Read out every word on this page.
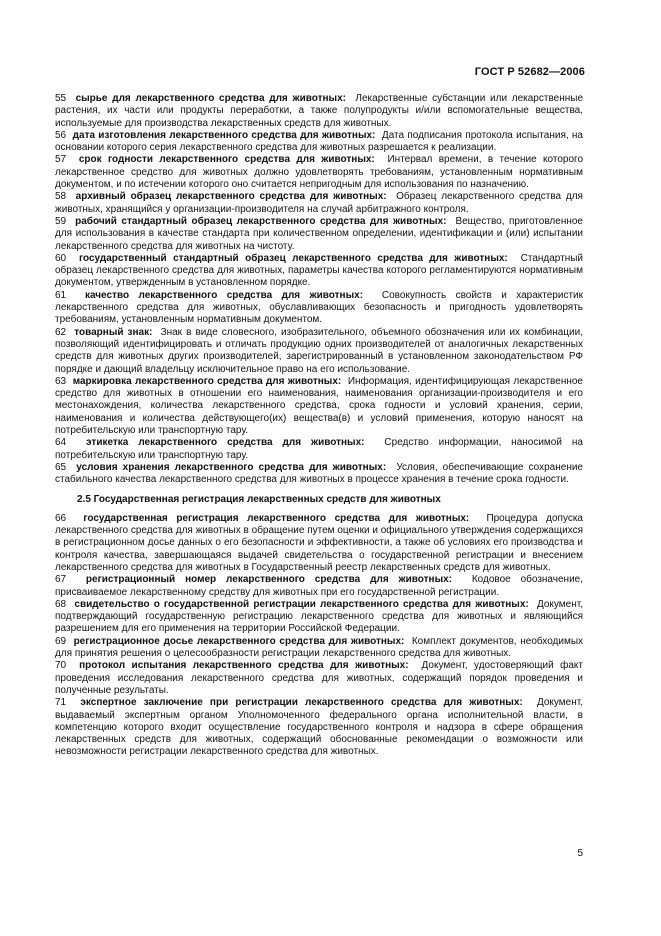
ГОСТ Р 52682—2006

55 сырье для лекарственного средства для животных: Лекарственные субстанции или лекарственные растения, их части или продукты переработки, а также полупродукты и/или вспомогательные вещества, используемые для производства лекарственных средств для животных.

56 дата изготовления лекарственного средства для животных: Дата подписания протокола испытания, на основании которого серия лекарственного средства для животных разрешается к реализации.

57 срок годности лекарственного средства для животных: Интервал времени, в течение которого лекарственное средство для животных должно удовлетворять требованиям, установленным нормативным документом, и по истечении которого оно считается непригодным для использования по назначению.

58 архивный образец лекарственного средства для животных: Образец лекарственного средства для животных, хранящийся у организации-производителя на случай арбитражного контроля.

59 рабочий стандартный образец лекарственного средства для животных: Вещество, приготовленное для использования в качестве стандарта при количественном определении, идентификации и (или) испытании лекарственного средства для животных на чистоту.

60 государственный стандартный образец лекарственного средства для животных: Стандартный образец лекарственного средства для животных, параметры качества которого регламентируются нормативным документом, утвержденным в установленном порядке.

61 качество лекарственного средства для животных: Совокупность свойств и характеристик лекарственного средства для животных, обуславливающих безопасность и пригодность удовлетворять требованиям, установленным нормативным документом.

62 товарный знак: Знак в виде словесного, изобразительного, объемного обозначения или их комбинации, позволяющий идентифицировать и отличать продукцию одних производителей от аналогичных лекарственных средств для животных других производителей, зарегистрированный в установленном законодательством РФ порядке и дающий владельцу исключительное право на его использование.

63 маркировка лекарственного средства для животных: Информация, идентифицирующая лекарственное средство для животных в отношении его наименования, наименования организации-производителя и его местонахождения, количества лекарственного средства, срока годности и условий хранения, серии, наименования и количества действующего(их) вещества(в) и условий применения, которую наносят на потребительскую или транспортную тару.

64 этикетка лекарственного средства для животных: Средство информации, наносимой на потребительскую или транспортную тару.

65 условия хранения лекарственного средства для животных: Условия, обеспечивающие сохранение стабильного качества лекарственного средства для животных в процессе хранения в течение срока годности.

2.5 Государственная регистрация лекарственных средств для животных

66 государственная регистрация лекарственного средства для животных: Процедура допуска лекарственного средства для животных в обращение путем оценки и официального утверждения содержащихся в регистрационном досье данных о его безопасности и эффективности, а также об условиях его производства и контроля качества, завершающаяся выдачей свидетельства о государственной регистрации и внесением лекарственного средства для животных в Государственный реестр лекарственных средств для животных.

67 регистрационный номер лекарственного средства для животных: Кодовое обозначение, присваиваемое лекарственному средству для животных при его государственной регистрации.

68 свидетельство о государственной регистрации лекарственного средства для животных: Документ, подтверждающий государственную регистрацию лекарственного средства для животных и являющийся разрешением для его применения на территории Российской Федерации.

69 регистрационное досье лекарственного средства для животных: Комплект документов, необходимых для принятия решения о целесообразности регистрации лекарственного средства для животных.

70 протокол испытания лекарственного средства для животных: Документ, удостоверяющий факт проведения исследования лекарственного средства для животных, содержащий порядок проведения и полученные результаты.

71 экспертное заключение при регистрации лекарственного средства для животных: Документ, выдаваемый экспертным органом Уполномоченного федерального органа исполнительной власти, в компетенцию которого входит осуществление государственного контроля и надзора в сфере обращения лекарственных средств для животных, содержащий обоснованные рекомендации о возможности или невозможности регистрации лекарственного средства для животных.

5
